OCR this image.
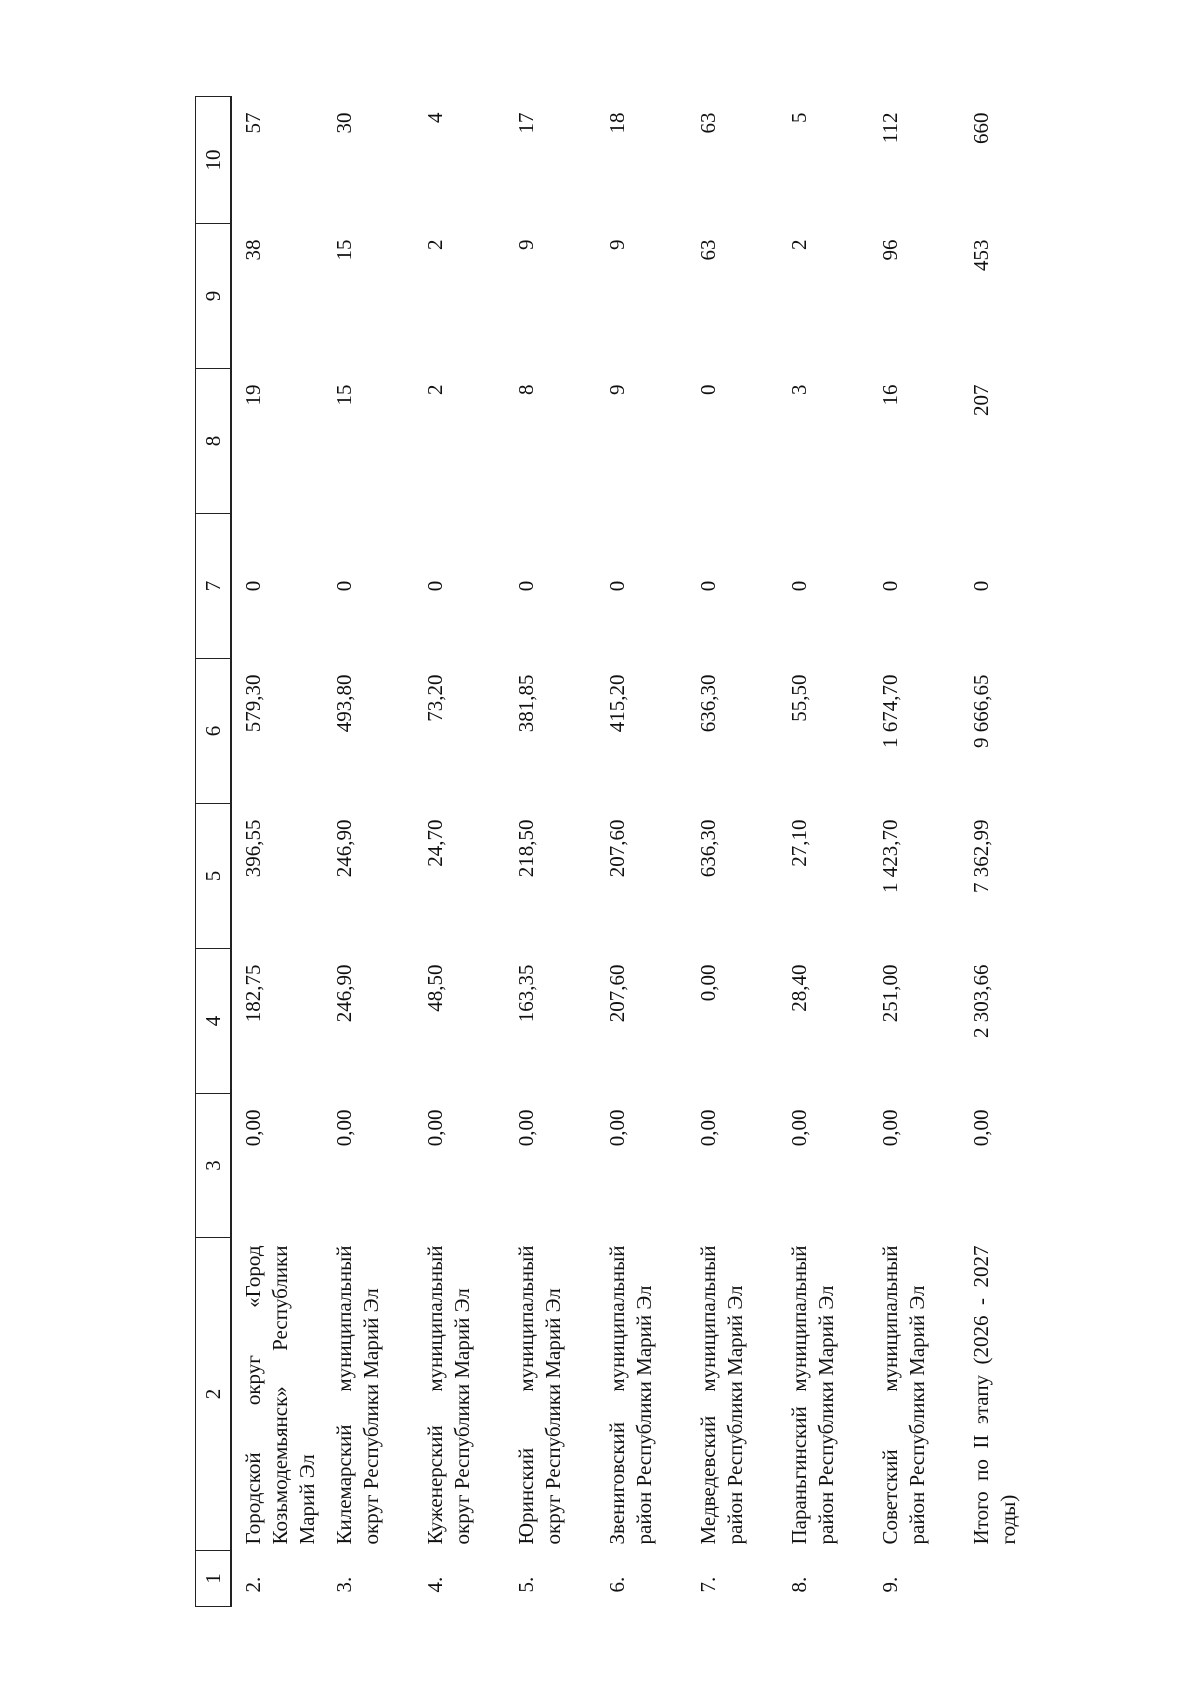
1	2	3	4	5	6	7	8	9	10
2.	Городской округ «Город Козьмодемьянск» Республики Марий Эл	0,00	182,75	396,55	579,30	0	19	38	57
3.	Килемарский муниципальный округ Республики Марий Эл	0,00	246,90	246,90	493,80	0	15	15	30
4.	Куженерский муниципальный округ Республики Марий Эл	0,00	48,50	24,70	73,20	0	2	2	4
5.	Юринский муниципальный округ Республики Марий Эл	0,00	163,35	218,50	381,85	0	8	9	17
6.	Звениговский муниципальный район Республики Марий Эл	0,00	207,60	207,60	415,20	0	9	9	18
7.	Медведевский муниципальный район Республики Марий Эл	0,00	0,00	636,30	636,30	0	0	63	63
8.	Параньгинский муниципальный район Республики Марий Эл	0,00	28,40	27,10	55,50	0	3	2	5
9.	Советский муниципальный район Республики Марий Эл	0,00	251,00	1 423,70	1 674,70	0	16	96	112
	Итого по II этапу (2026 - 2027 годы)	0,00	2 303,66	7 362,99	9 666,65	0	207	453	660
